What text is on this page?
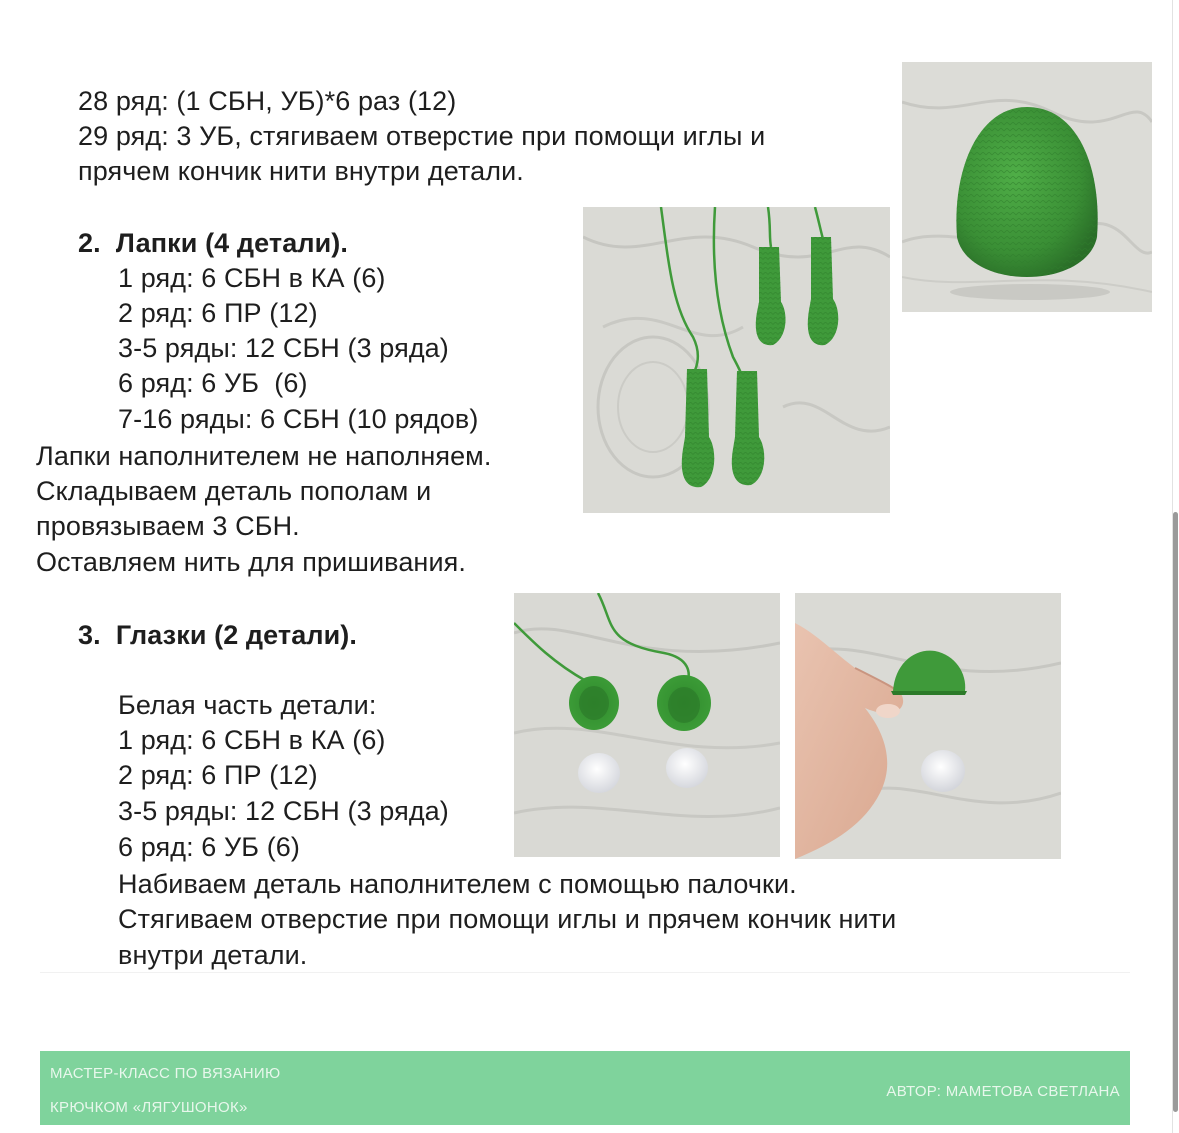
28 ряд: (1 СБН, УБ)*6 раз (12)
29 ряд: 3 УБ, стягиваем отверстие при помощи иглы и
прячем кончик нити внутри детали.
2.  Лапки (4 детали).
1 ряд: 6 СБН в КА (6)
2 ряд: 6 ПР (12)
3-5 ряды: 12 СБН (3 ряда)
6 ряд: 6 УБ  (6)
7-16 ряды: 6 СБН (10 рядов)
Лапки наполнителем не наполняем.
Складываем деталь пополам и
провязываем 3 СБН.
Оставляем нить для пришивания.
3.  Глазки (2 детали).
Белая часть детали:
1 ряд: 6 СБН в КА (6)
2 ряд: 6 ПР (12)
3-5 ряды: 12 СБН (3 ряда)
6 ряд: 6 УБ (6)
Набиваем деталь наполнителем с помощью палочки.
Стягиваем отверстие при помощи иглы и прячем кончик нити
внутри детали.
МАСТЕР-КЛАСС ПО ВЯЗАНИЮ
КРЮЧКОМ «ЛЯГУШОНОК»
АВТОР: МАМЕТОВА СВЕТЛАНА
